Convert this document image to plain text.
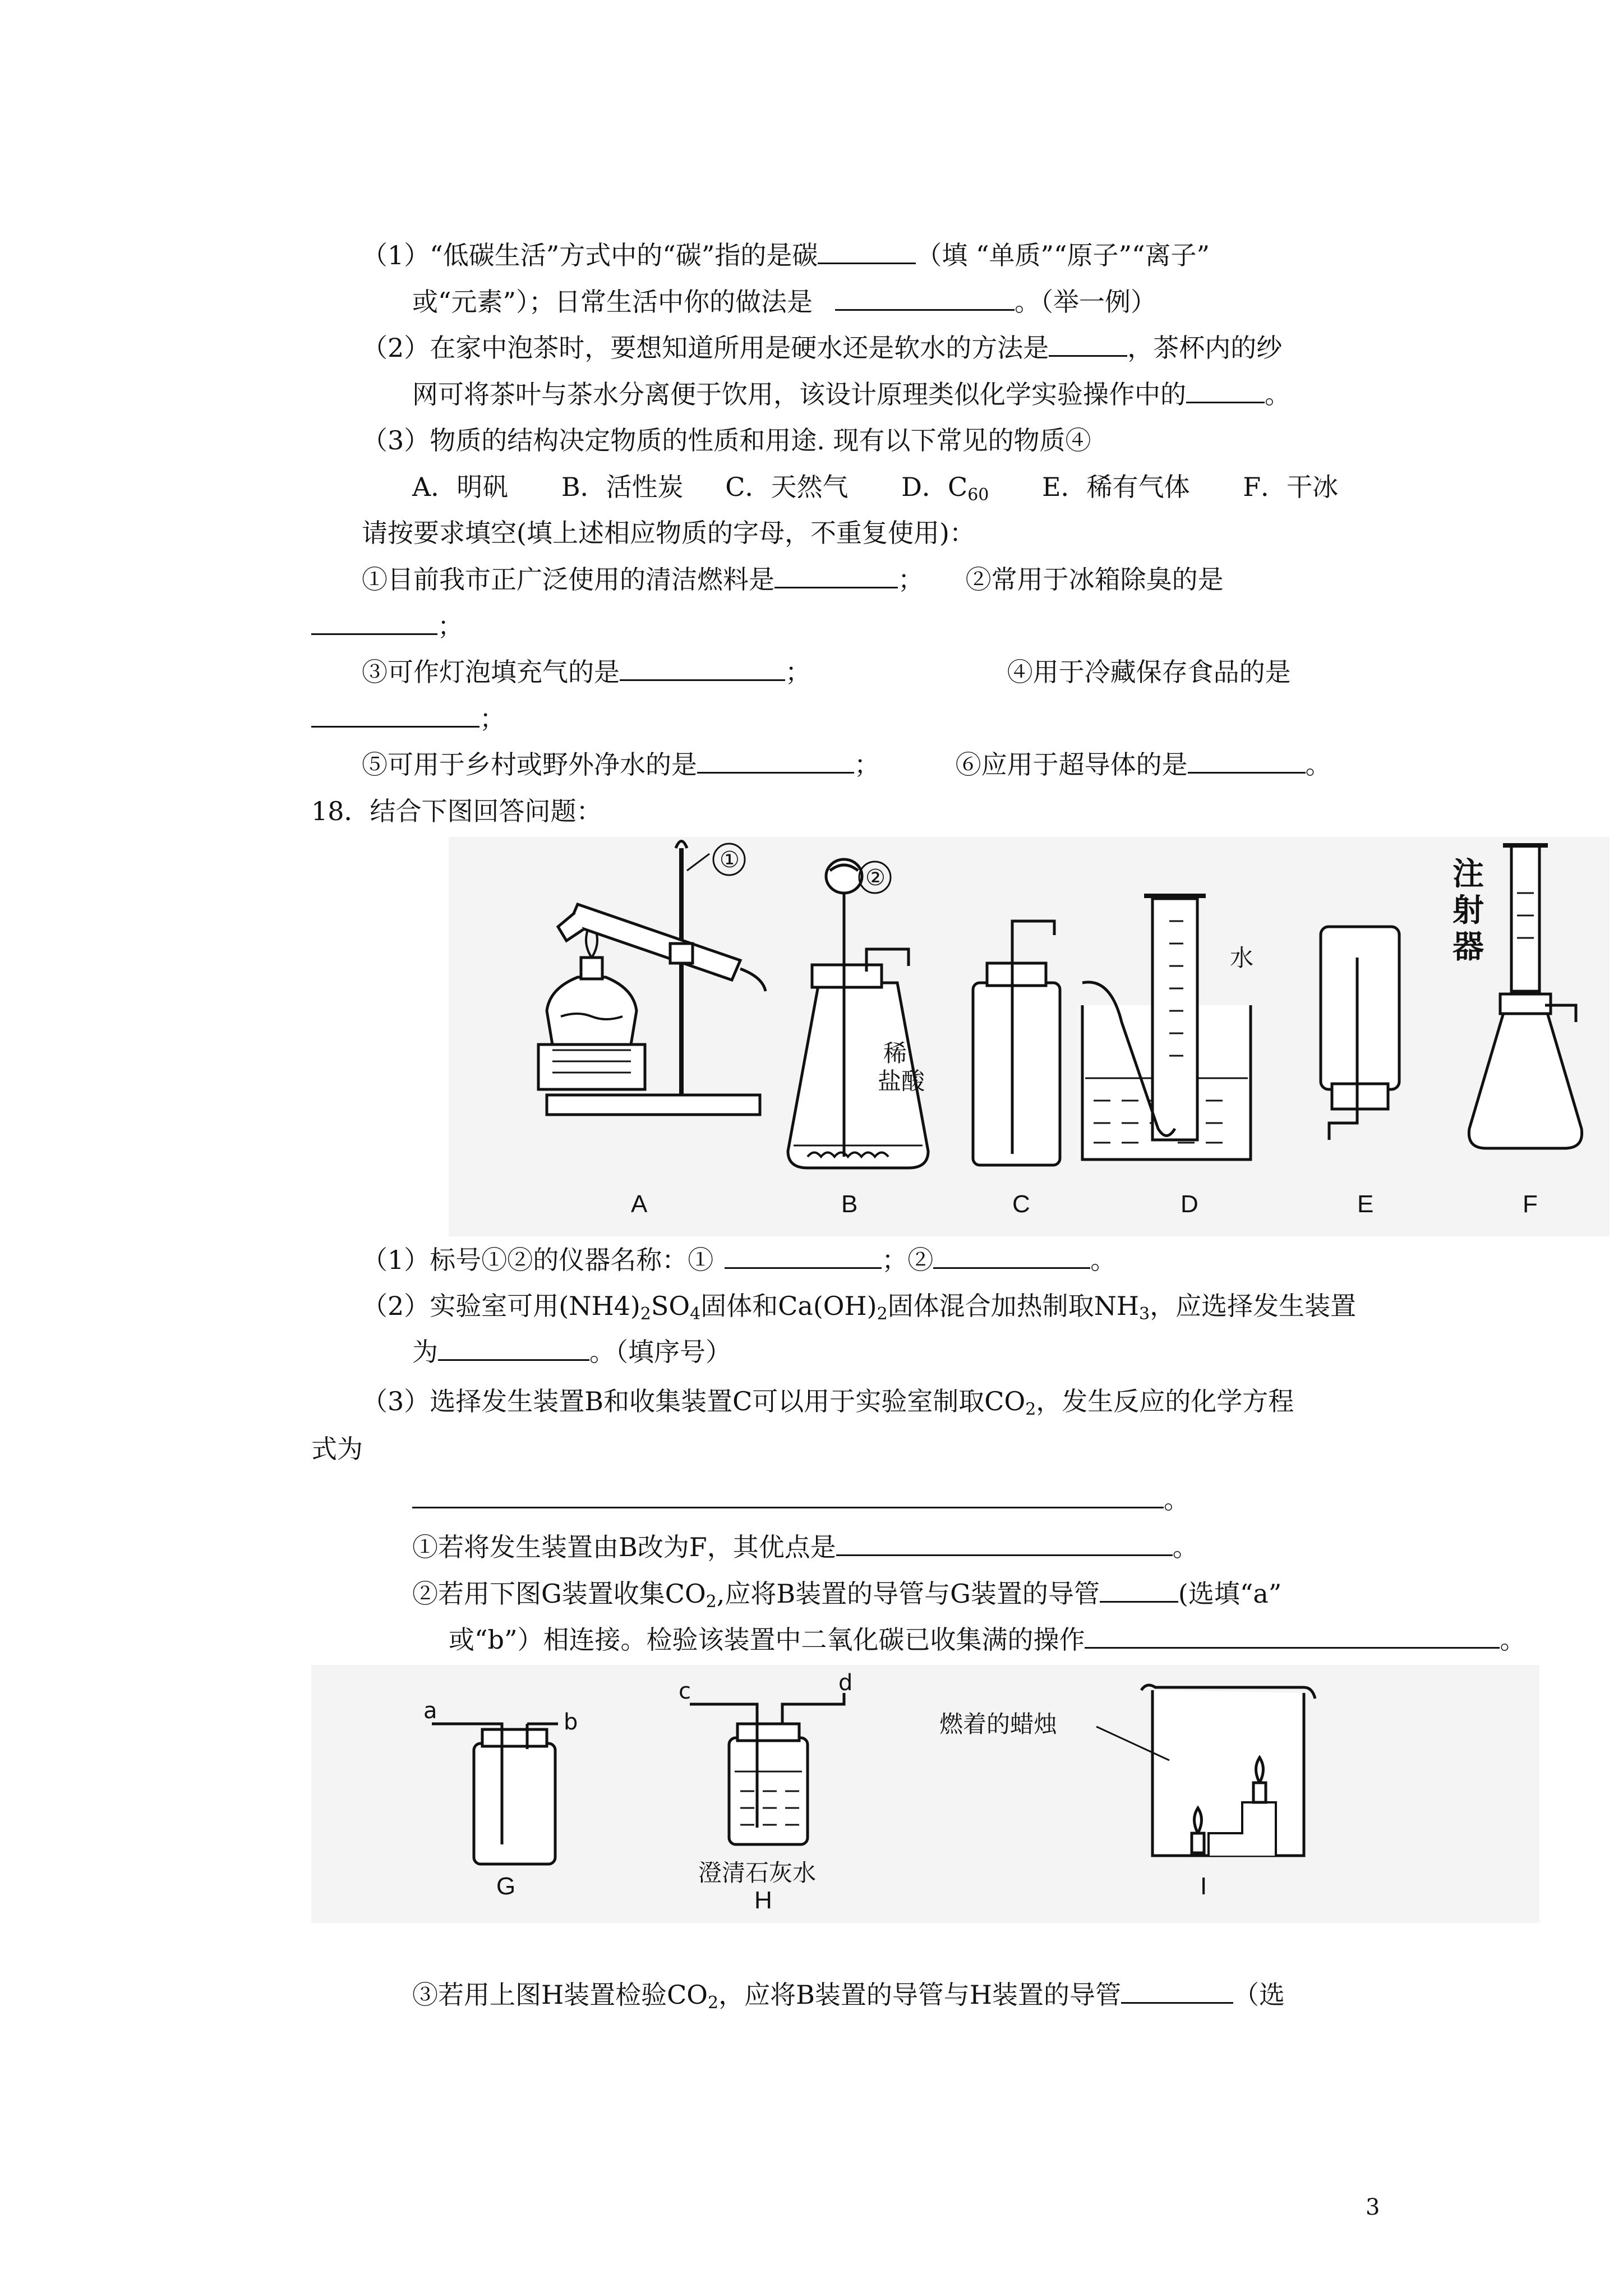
（1）“低碳生活”方式中的“碳”指的是碳	（填 “单质”“原子”“离子”
或“元素”）；日常生活中你的做法是	。（举一例）
（2）在家中泡茶时，要想知道所用是硬水还是软水的方法是	，茶杯内的纱
网可将茶叶与茶水分离便于饮用，该设计原理类似化学实验操作中的	。
（3）物质的结构决定物质的性质和用途. 现有以下常见的物质④
A．明矾 B．活性炭 C．天然气 D．$C_{60}$ E．稀有气体 F．干冰
请按要求填空(填上述相应物质的字母，不重复使用)：
①目前我市正广泛使用的清洁燃料是	； ②常用于冰箱除臭的是
；
③可作灯泡填充气的是	；	④用于冷藏保存食品的是
；
⑤可用于乡村或野外净水的是	；	⑥应用于超导体的是	。
18．结合下图回答问题：
①
②
稀
盐酸
水
注
射
器
A	B	C	D	E	F
（1）标号①②的仪器名称：①	；②	。
（2）实验室可用$(NH4)_2SO_4$固体和$Ca(OH)_2$固体混合加热制取$NH_3$，应选择发生装置
为	。（填序号）
（3）选择发生装置B和收集装置C可以用于实验室制取$CO_2$，发生反应的化学方程
式为
。
①若将发生装置由B改为F，其优点是	。
②若用下图G装置收集$CO_2$,应将B装置的导管与G装置的导管	(选填“a”
或“b”）相连接。检验该装置中二氧化碳已收集满的操作	。
a	b
c	d
澄清石灰水
燃着的蜡烛
G
H
I
③若用上图H装置检验$CO_2$，应将B装置的导管与H装置的导管	（选
3
